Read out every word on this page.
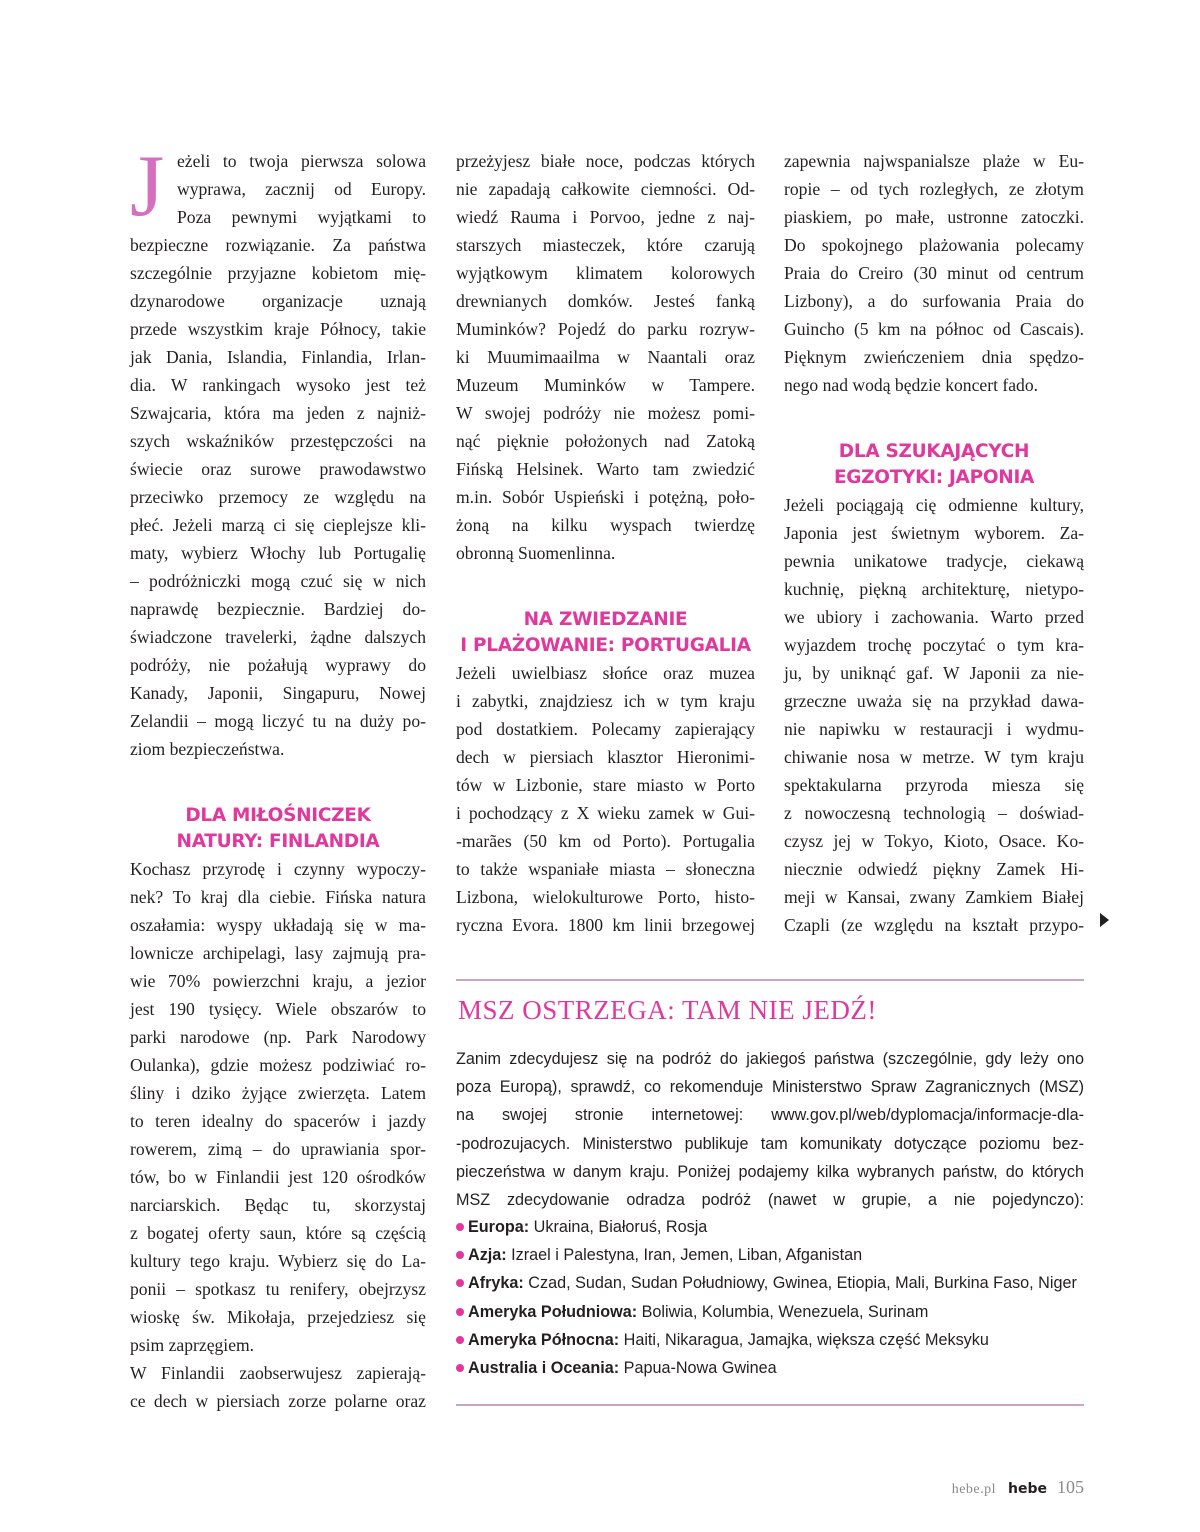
J eżeli to twoja pierwsza solowa
wyprawa, zacznij od Europy.
Poza pewnymi wyjątkami to
bezpieczne rozwiązanie. Za państwa
szczególnie przyjazne kobietom mię-
dzynarodowe organizacje uznają
przede wszystkim kraje Północy, takie
jak Dania, Islandia, Finlandia, Irlan-
dia. W rankingach wysoko jest też
Szwajcaria, która ma jeden z najniż-
szych wskaźników przestępczości na
świecie oraz surowe prawodawstwo
przeciwko przemocy ze względu na
płeć. Jeżeli marzą ci się cieplejsze kli-
maty, wybierz Włochy lub Portugalię
– podróżniczki mogą czuć się w nich
naprawdę bezpiecznie. Bardziej do-
świadczone travelerki, żądne dalszych
podróży, nie pożałują wyprawy do
Kanady, Japonii, Singapuru, Nowej
Zelandii – mogą liczyć tu na duży po-
ziom bezpieczeństwa.
DLA MIŁOŚNICZEK
NATURY: FINLANDIA
Kochasz przyrodę i czynny wypoczy-
nek? To kraj dla ciebie. Fińska natura
oszałamia: wyspy układają się w ma-
lownicze archipelagi, lasy zajmują pra-
wie 70% powierzchni kraju, a jezior
jest 190 tysięcy. Wiele obszarów to
parki narodowe (np. Park Narodowy
Oulanka), gdzie możesz podziwiać ro-
śliny i dziko żyjące zwierzęta. Latem
to teren idealny do spacerów i jazdy
rowerem, zimą – do uprawiania spor-
tów, bo w Finlandii jest 120 ośrodków
narciarskich. Będąc tu, skorzystaj
z bogatej oferty saun, które są częścią
kultury tego kraju. Wybierz się do La-
ponii – spotkasz tu renifery, obejrzysz
wioskę św. Mikołaja, przejedziesz się
psim zaprzęgiem.
W Finlandii zaobserwujesz zapierają-
ce dech w piersiach zorze polarne oraz
przeżyjesz białe noce, podczas których
nie zapadają całkowite ciemności. Od-
wiedź Rauma i Porvoo, jedne z naj-
starszych miasteczek, które czarują
wyjątkowym klimatem kolorowych
drewnianych domków. Jesteś fanką
Muminków? Pojedź do parku rozryw-
ki Muumimaailma w Naantali oraz
Muzeum Muminków w Tampere.
W swojej podróży nie możesz pomi-
nąć pięknie położonych nad Zatoką
Fińską Helsinek. Warto tam zwiedzić
m.in. Sobór Uspieński i potężną, poło-
żoną na kilku wyspach twierdzę
obronną Suomenlinna.
NA ZWIEDZANIE
I PLAŻOWANIE: PORTUGALIA
Jeżeli uwielbiasz słońce oraz muzea
i zabytki, znajdziesz ich w tym kraju
pod dostatkiem. Polecamy zapierający
dech w piersiach klasztor Hieronimi-
tów w Lizbonie, stare miasto w Porto
i pochodzący z X wieku zamek w Gui-
-marães (50 km od Porto). Portugalia
to także wspaniałe miasta – słoneczna
Lizbona, wielokulturowe Porto, histo-
ryczna Evora. 1800 km linii brzegowej
zapewnia najwspanialsze plaże w Eu-
ropie – od tych rozległych, ze złotym
piaskiem, po małe, ustronne zatoczki.
Do spokojnego plażowania polecamy
Praia do Creiro (30 minut od centrum
Lizbony), a do surfowania Praia do
Guincho (5 km na północ od Cascais).
Pięknym zwieńczeniem dnia spędzo-
nego nad wodą będzie koncert fado.
DLA SZUKAJĄCYCH
EGZOTYKI: JAPONIA
Jeżeli pociągają cię odmienne kultury,
Japonia jest świetnym wyborem. Za-
pewnia unikatowe tradycje, ciekawą
kuchnię, piękną architekturę, nietypo-
we ubiory i zachowania. Warto przed
wyjazdem trochę poczytać o tym kra-
ju, by uniknąć gaf. W Japonii za nie-
grzeczne uważa się na przykład dawa-
nie napiwku w restauracji i wydmu-
chiwanie nosa w metrze. W tym kraju
spektakularna przyroda miesza się
z nowoczesną technologią – doświad-
czysz jej w Tokyo, Kioto, Osace. Ko-
niecznie odwiedź piękny Zamek Hi-
mejі w Kansai, zwany Zamkiem Białej
Czapli (ze względu na kształt przypo-
MSZ OSTRZEGA: TAM NIE JEDŹ!
Zanim zdecydujesz się na podróż do jakiegoś państwa (szczególnie, gdy leży ono
poza Europą), sprawdź, co rekomenduje Ministerstwo Spraw Zagranicznych (MSZ)
na swojej stronie internetowej: www.gov.pl/web/dyplomacja/informacje-dla-
-podrozujacych. Ministerstwo publikuje tam komunikaty dotyczące poziomu bez-
pieczeństwa w danym kraju. Poniżej podajemy kilka wybranych państw, do których
MSZ zdecydowanie odradza podróż (nawet w grupie, a nie pojedynczo):
Europa: Ukraina, Białoruś, Rosja
Azja: Izrael i Palestyna, Iran, Jemen, Liban, Afganistan
Afryka: Czad, Sudan, Sudan Południowy, Gwinea, Etiopia, Mali, Burkina Faso, Niger
Ameryka Południowa: Boliwia, Kolumbia, Wenezuela, Surinam
Ameryka Północna: Haiti, Nikaragua, Jamajka, większa część Meksyku
Australia i Oceania: Papua-Nowa Gwinea
hebe.pl hebe 105
